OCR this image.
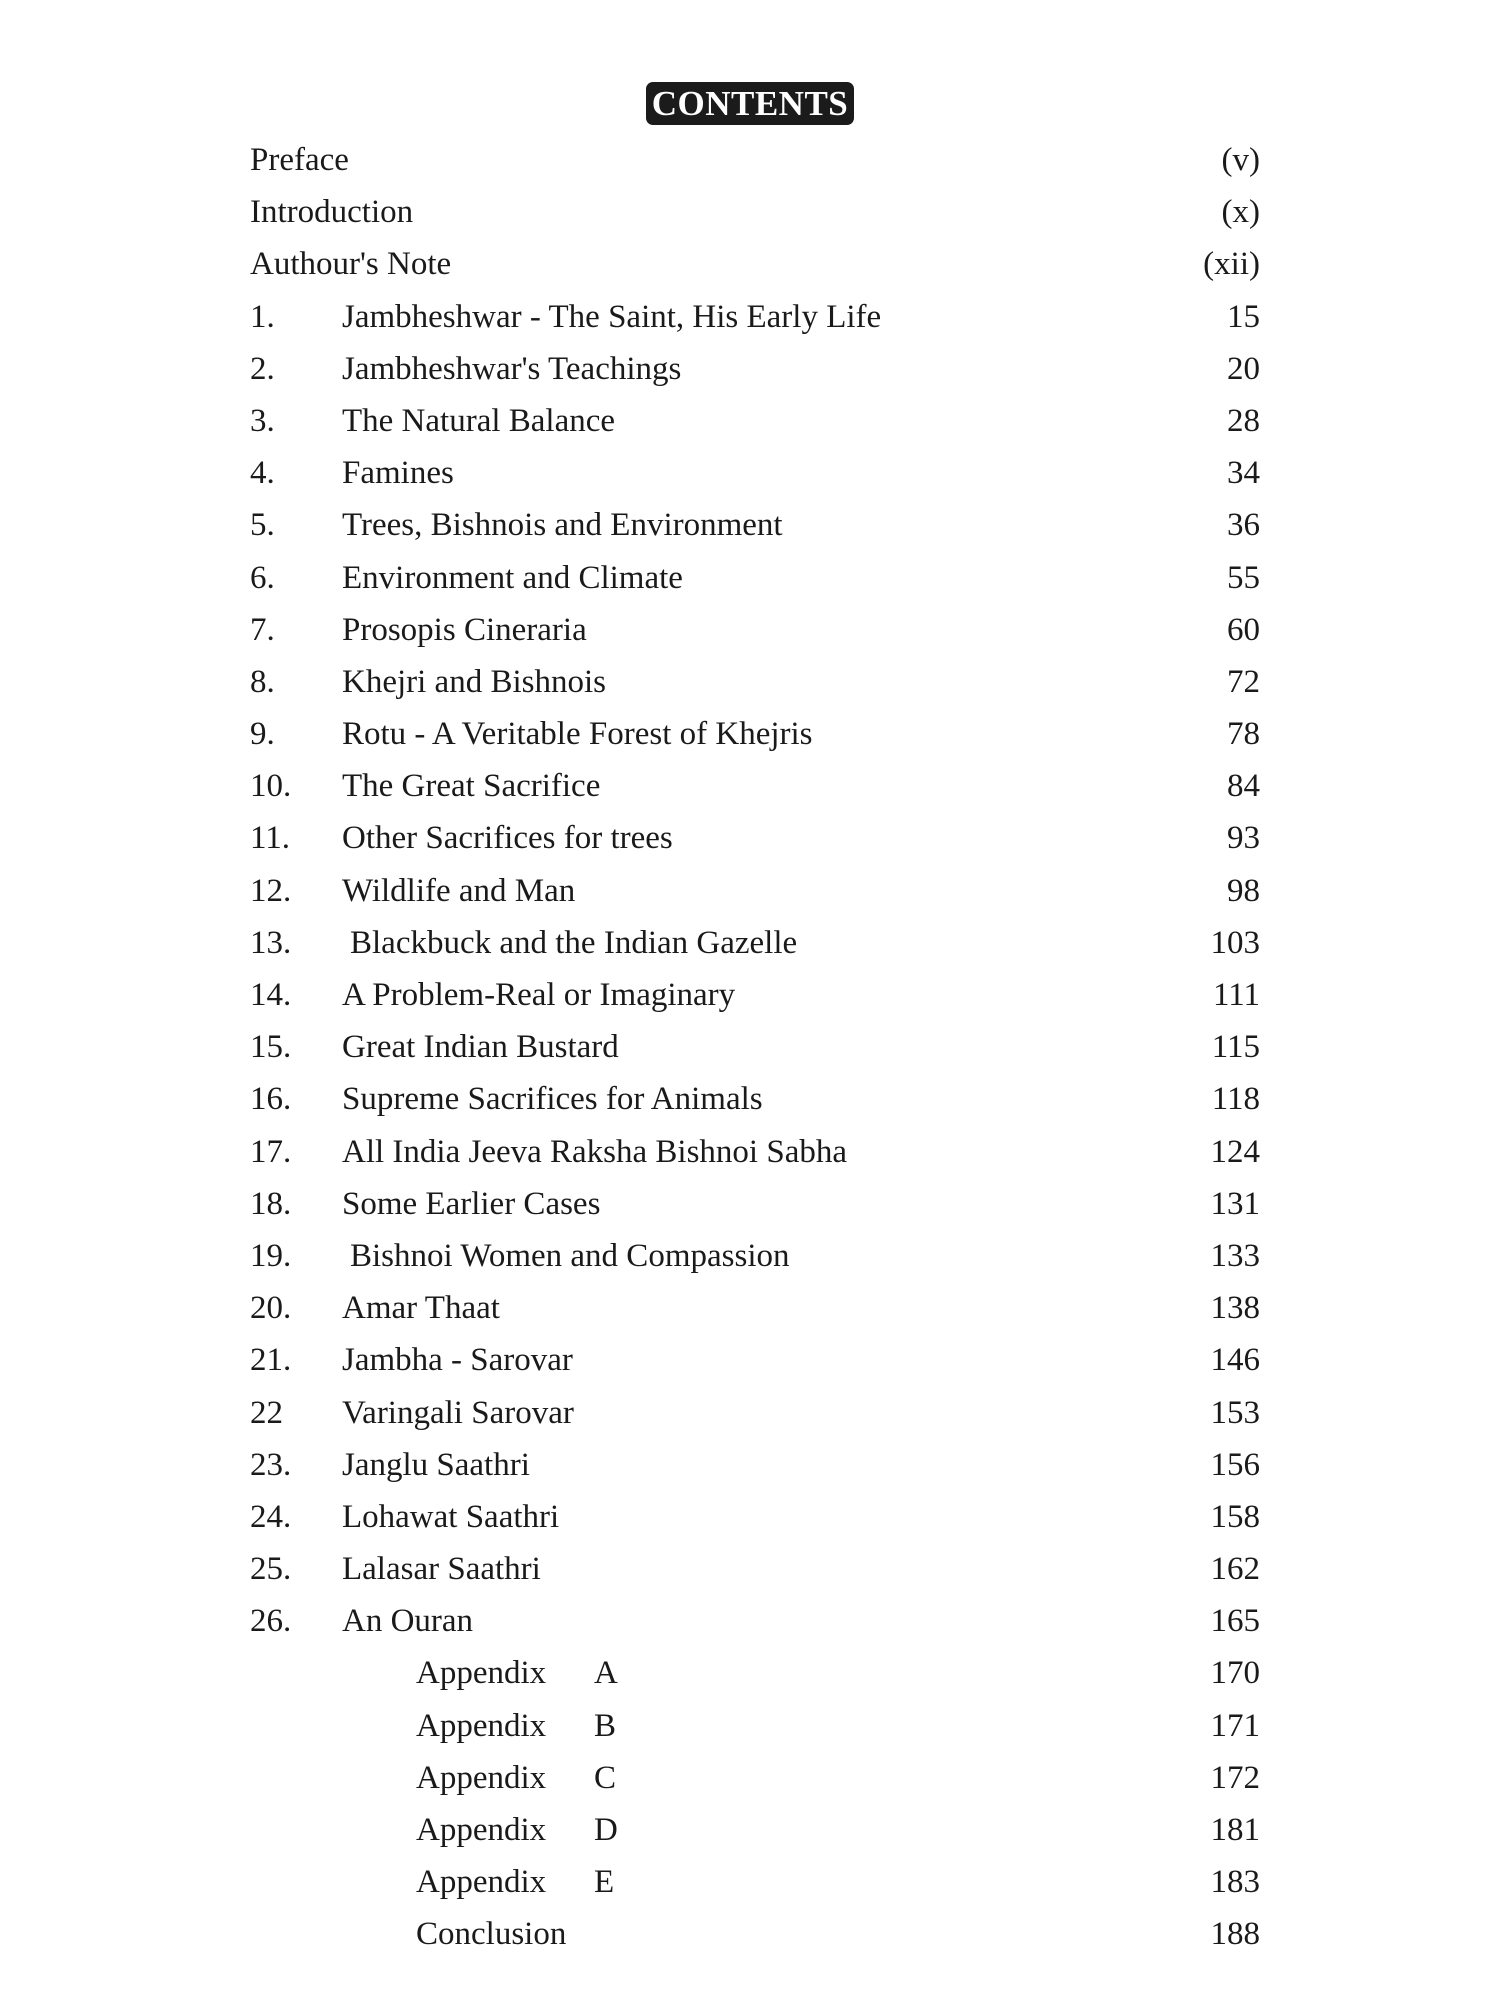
CONTENTS
Preface	(v)
Introduction	(x)
Authour's Note	(xii)
1. Jambheshwar - The Saint, His Early Life	15
2. Jambheshwar's Teachings	20
3. The Natural Balance	28
4. Famines	34
5. Trees, Bishnois and Environment	36
6. Environment and Climate	55
7. Prosopis Cineraria	60
8. Khejri and Bishnois	72
9. Rotu - A Veritable Forest of Khejris	78
10. The Great Sacrifice	84
11. Other Sacrifices for trees	93
12. Wildlife and Man	98
13. Blackbuck and the Indian Gazelle	103
14. A Problem-Real or Imaginary	111
15. Great Indian Bustard	115
16. Supreme Sacrifices for Animals	118
17. All India Jeeva Raksha Bishnoi Sabha	124
18. Some Earlier Cases	131
19. Bishnoi Women and Compassion	133
20. Amar Thaat	138
21. Jambha - Sarovar	146
22 Varingali Sarovar	153
23. Janglu Saathri	156
24. Lohawat Saathri	158
25. Lalasar Saathri	162
26. An Ouran	165
Appendix A	170
Appendix B	171
Appendix C	172
Appendix D	181
Appendix E	183
Conclusion	188
